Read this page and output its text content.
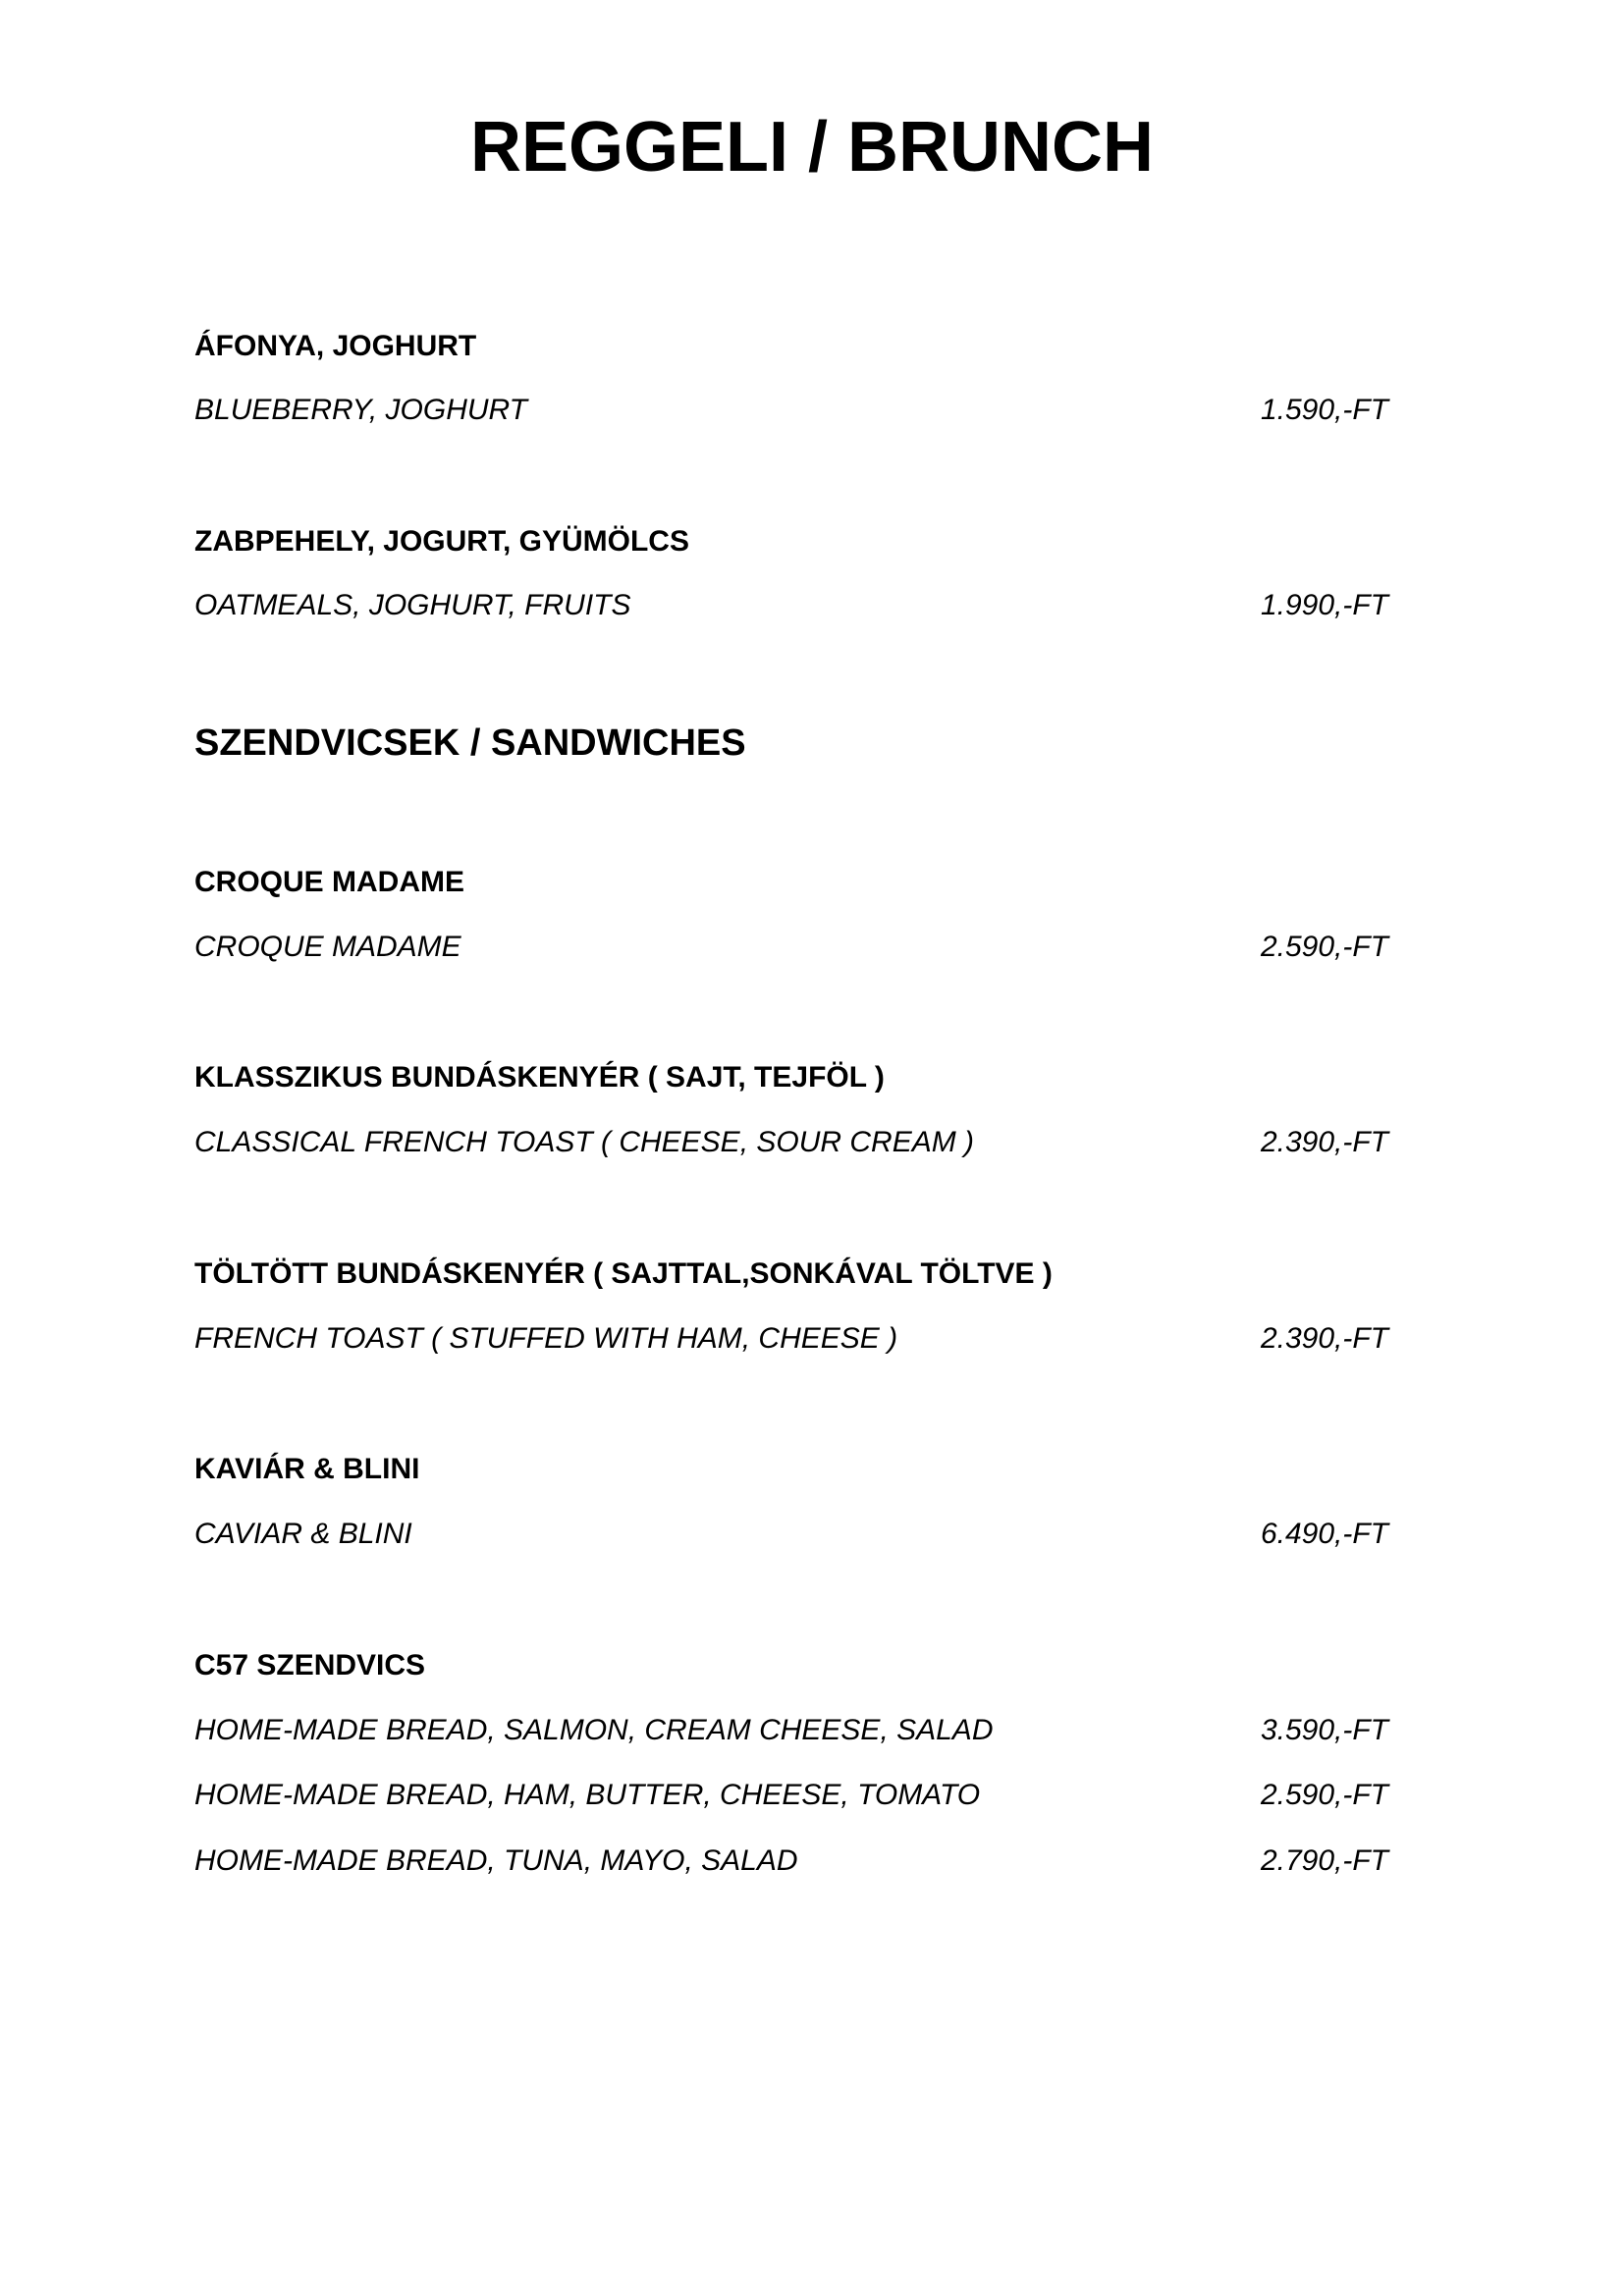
REGGELI / BRUNCH
ÁFONYA, JOGHURT
BLUEBERRY, JOGHURT	1.590,-FT
ZABPEHELY, JOGURT, GYÜMÖLCS
OATMEALS, JOGHURT, FRUITS	1.990,-FT
SZENDVICSEK / SANDWICHES
CROQUE MADAME
CROQUE MADAME	2.590,-FT
KLASSZIKUS BUNDÁSKENYÉR ( SAJT, TEJFÖL )
CLASSICAL FRENCH TOAST ( CHEESE, SOUR CREAM )	2.390,-FT
TÖLTÖTT BUNDÁSKENYÉR ( SAJTTAL,SONKÁVAL TÖLTVE )
FRENCH TOAST ( STUFFED WITH HAM, CHEESE )	2.390,-FT
KAVIÁR & BLINI
CAVIAR & BLINI	6.490,-FT
C57 SZENDVICS
HOME-MADE BREAD, SALMON, CREAM CHEESE, SALAD	3.590,-FT
HOME-MADE BREAD, HAM, BUTTER, CHEESE, TOMATO	2.590,-FT
HOME-MADE BREAD, TUNA, MAYO, SALAD	2.790,-FT
